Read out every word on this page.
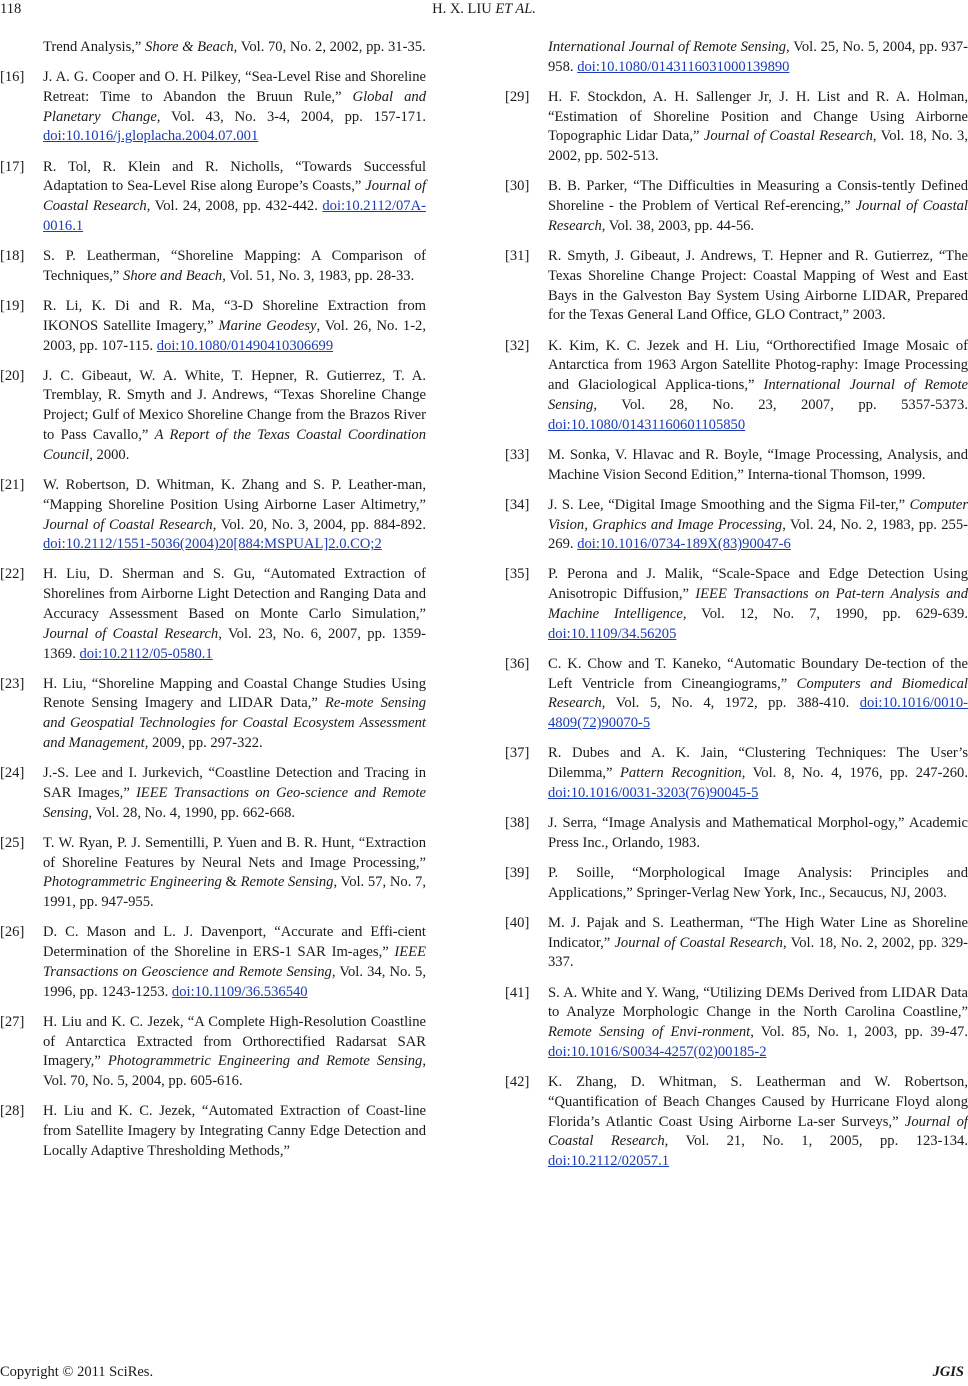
118	H. X. LIU ET AL.
Trend Analysis,” Shore & Beach, Vol. 70, No. 2, 2002, pp. 31-35.
[16] J. A. G. Cooper and O. H. Pilkey, “Sea-Level Rise and Shoreline Retreat: Time to Abandon the Bruun Rule,” Global and Planetary Change, Vol. 43, No. 3-4, 2004, pp. 157-171. doi:10.1016/j.gloplacha.2004.07.001
[17] R. Tol, R. Klein and R. Nicholls, “Towards Successful Adaptation to Sea-Level Rise along Europe’s Coasts,” Journal of Coastal Research, Vol. 24, 2008, pp. 432-442. doi:10.2112/07A-0016.1
[18] S. P. Leatherman, “Shoreline Mapping: A Comparison of Techniques,” Shore and Beach, Vol. 51, No. 3, 1983, pp. 28-33.
[19] R. Li, K. Di and R. Ma, “3-D Shoreline Extraction from IKONOS Satellite Imagery,” Marine Geodesy, Vol. 26, No. 1-2, 2003, pp. 107-115. doi:10.1080/01490410306699
[20] J. C. Gibeaut, W. A. White, T. Hepner, R. Gutierrez, T. A. Tremblay, R. Smyth and J. Andrews, “Texas Shoreline Change Project; Gulf of Mexico Shoreline Change from the Brazos River to Pass Cavallo,” A Report of the Texas Coastal Coordination Council, 2000.
[21] W. Robertson, D. Whitman, K. Zhang and S. P. Leather-man, “Mapping Shoreline Position Using Airborne Laser Altimetry,” Journal of Coastal Research, Vol. 20, No. 3, 2004, pp. 884-892. doi:10.2112/1551-5036(2004)20[884:MSPUAL]2.0.CO;2
[22] H. Liu, D. Sherman and S. Gu, “Automated Extraction of Shorelines from Airborne Light Detection and Ranging Data and Accuracy Assessment Based on Monte Carlo Simulation,” Journal of Coastal Research, Vol. 23, No. 6, 2007, pp. 1359-1369. doi:10.2112/05-0580.1
[23] H. Liu, “Shoreline Mapping and Coastal Change Studies Using Renote Sensing Imagery and LIDAR Data,” Re-mote Sensing and Geospatial Technologies for Coastal Ecosystem Assessment and Management, 2009, pp. 297-322.
[24] J.-S. Lee and I. Jurkevich, “Coastline Detection and Tracing in SAR Images,” IEEE Transactions on Geo-science and Remote Sensing, Vol. 28, No. 4, 1990, pp. 662-668.
[25] T. W. Ryan, P. J. Sementilli, P. Yuen and B. R. Hunt, “Extraction of Shoreline Features by Neural Nets and Image Processing,” Photogrammetric Engineering & Remote Sensing, Vol. 57, No. 7, 1991, pp. 947-955.
[26] D. C. Mason and L. J. Davenport, “Accurate and Effi-cient Determination of the Shoreline in ERS-1 SAR Im-ages,” IEEE Transactions on Geoscience and Remote Sensing, Vol. 34, No. 5, 1996, pp. 1243-1253. doi:10.1109/36.536540
[27] H. Liu and K. C. Jezek, “A Complete High-Resolution Coastline of Antarctica Extracted from Orthorectified Radarsat SAR Imagery,” Photogrammetric Engineering and Remote Sensing, Vol. 70, No. 5, 2004, pp. 605-616.
[28] H. Liu and K. C. Jezek, “Automated Extraction of Coast-line from Satellite Imagery by Integrating Canny Edge Detection and Locally Adaptive Thresholding Methods,”
International Journal of Remote Sensing, Vol. 25, No. 5, 2004, pp. 937-958. doi:10.1080/0143116031000139890
[29] H. F. Stockdon, A. H. Sallenger Jr, J. H. List and R. A. Holman, “Estimation of Shoreline Position and Change Using Airborne Topographic Lidar Data,” Journal of Coastal Research, Vol. 18, No. 3, 2002, pp. 502-513.
[30] B. B. Parker, “The Difficulties in Measuring a Consis-tently Defined Shoreline - the Problem of Vertical Ref-erencing,” Journal of Coastal Research, Vol. 38, 2003, pp. 44-56.
[31] R. Smyth, J. Gibeaut, J. Andrews, T. Hepner and R. Gutierrez, “The Texas Shoreline Change Project: Coastal Mapping of West and East Bays in the Galveston Bay System Using Airborne LIDAR, Prepared for the Texas General Land Office, GLO Contract,” 2003.
[32] K. Kim, K. C. Jezek and H. Liu, “Orthorectified Image Mosaic of Antarctica from 1963 Argon Satellite Photog-raphy: Image Processing and Glaciological Applica-tions,” International Journal of Remote Sensing, Vol. 28, No. 23, 2007, pp. 5357-5373. doi:10.1080/01431160601105850
[33] M. Sonka, V. Hlavac and R. Boyle, “Image Processing, Analysis, and Machine Vision Second Edition,” Interna-tional Thomson, 1999.
[34] J. S. Lee, “Digital Image Smoothing and the Sigma Fil-ter,” Computer Vision, Graphics and Image Processing, Vol. 24, No. 2, 1983, pp. 255-269. doi:10.1016/0734-189X(83)90047-6
[35] P. Perona and J. Malik, “Scale-Space and Edge Detection Using Anisotropic Diffusion,” IEEE Transactions on Pat-tern Analysis and Machine Intelligence, Vol. 12, No. 7, 1990, pp. 629-639. doi:10.1109/34.56205
[36] C. K. Chow and T. Kaneko, “Automatic Boundary De-tection of the Left Ventricle from Cineangiograms,” Computers and Biomedical Research, Vol. 5, No. 4, 1972, pp. 388-410. doi:10.1016/0010-4809(72)90070-5
[37] R. Dubes and A. K. Jain, “Clustering Techniques: The User’s Dilemma,” Pattern Recognition, Vol. 8, No. 4, 1976, pp. 247-260. doi:10.1016/0031-3203(76)90045-5
[38] J. Serra, “Image Analysis and Mathematical Morphol-ogy,” Academic Press Inc., Orlando, 1983.
[39] P. Soille, “Morphological Image Analysis: Principles and Applications,” Springer-Verlag New York, Inc., Secaucus, NJ, 2003.
[40] M. J. Pajak and S. Leatherman, “The High Water Line as Shoreline Indicator,” Journal of Coastal Research, Vol. 18, No. 2, 2002, pp. 329-337.
[41] S. A. White and Y. Wang, “Utilizing DEMs Derived from LIDAR Data to Analyze Morphologic Change in the North Carolina Coastline,” Remote Sensing of Envi-ronment, Vol. 85, No. 1, 2003, pp. 39-47. doi:10.1016/S0034-4257(02)00185-2
[42] K. Zhang, D. Whitman, S. Leatherman and W. Robertson, “Quantification of Beach Changes Caused by Hurricane Floyd along Florida’s Atlantic Coast Using Airborne La-ser Surveys,” Journal of Coastal Research, Vol. 21, No. 1, 2005, pp. 123-134. doi:10.2112/02057.1
Copyright © 2011 SciRes.	JGIS
